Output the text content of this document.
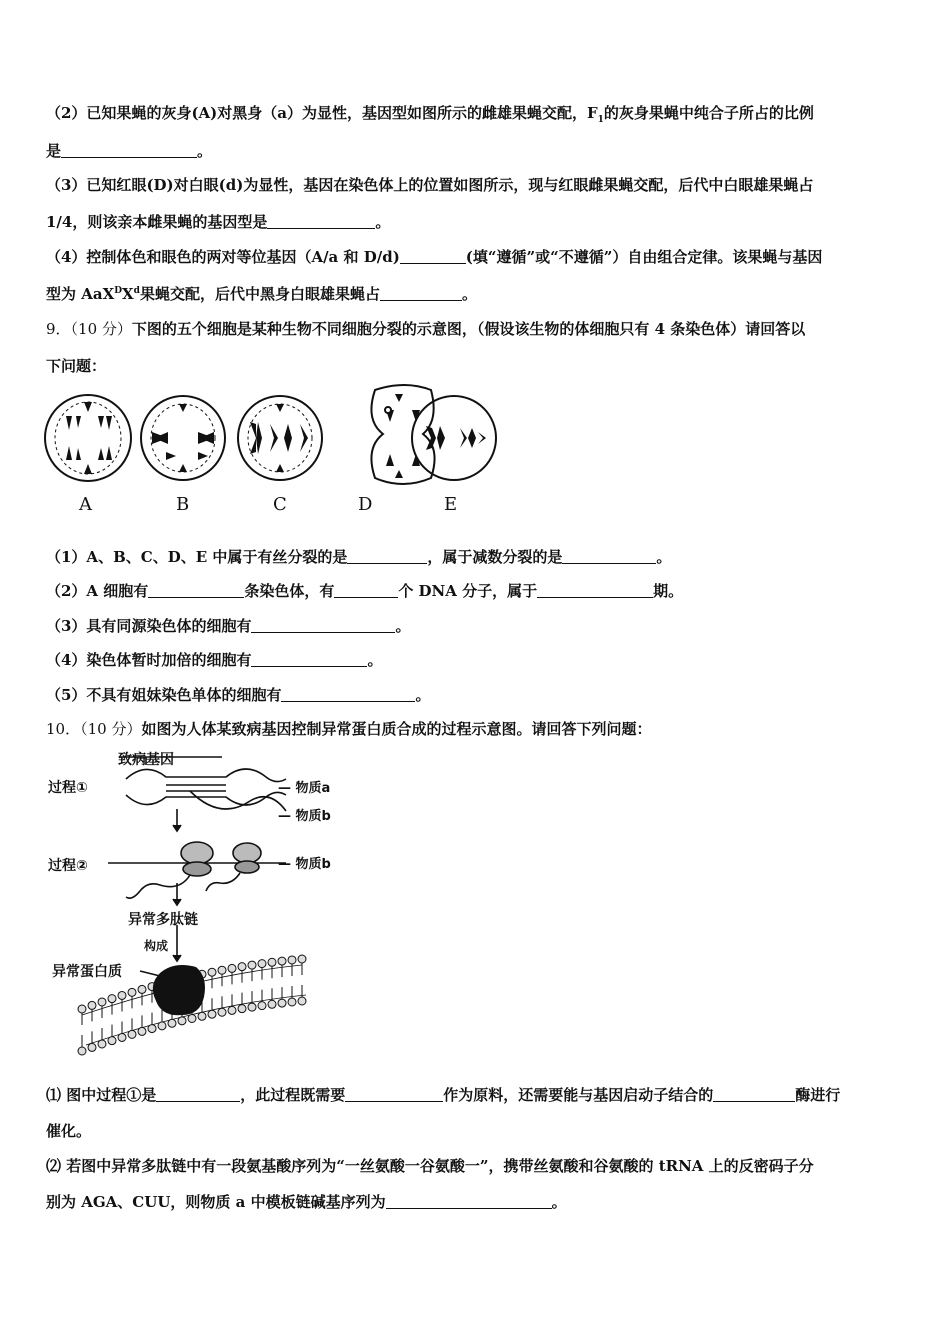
（2）已知果蝇的灰身(A)对黑身（a）为显性，基因型如图所示的雌雄果蝇交配，$F_1$的灰身果蝇中纯合子所占的比例
是	。
（3）已知红眼(D)对白眼(d)为显性，基因在染色体上的位置如图所示，现与红眼雌果蝇交配，后代中白眼雄果蝇占
1/4，则该亲本雌果蝇的基因型是	。
（4）控制体色和眼色的两对等位基因（A/a 和 D/d)	(填“遵循”或“不遵循”）自由组合定律。该果蝇与基因
型为 $AaX^DX^d$果蝇交配，后代中黑身白眼雄果蝇占	。
9．（10 分）下图的五个细胞是某种生物不同细胞分裂的示意图，（假设该生物的体细胞只有 4 条染色体）请回答以
下问题：
A	B	C	D	E
（1）A、B、C、D、E 中属于有丝分裂的是	，属于减数分裂的是	。
（2）A 细胞有	条染色体，有	个 DNA 分子，属于	期。
（3）具有同源染色体的细胞有	。
（4）染色体暂时加倍的细胞有	。
（5）不具有姐妹染色单体的细胞有	。
10．（10 分）如图为人体某致病基因控制异常蛋白质合成的过程示意图。请回答下列问题：
致病基因
过程①	— 物质a
— 物质b
过程②	— 物质b
异常多肽链
构成
异常蛋白质
⑴ 图中过程①是	，此过程既需要	作为原料，还需要能与基因启动子结合的	酶进行
催化。
⑵ 若图中异常多肽链中有一段氨基酸序列为“一丝氨酸一谷氨酸一”，携带丝氨酸和谷氨酸的 tRNA 上的反密码子分
别为 AGA、CUU，则物质 a 中模板链碱基序列为	。
